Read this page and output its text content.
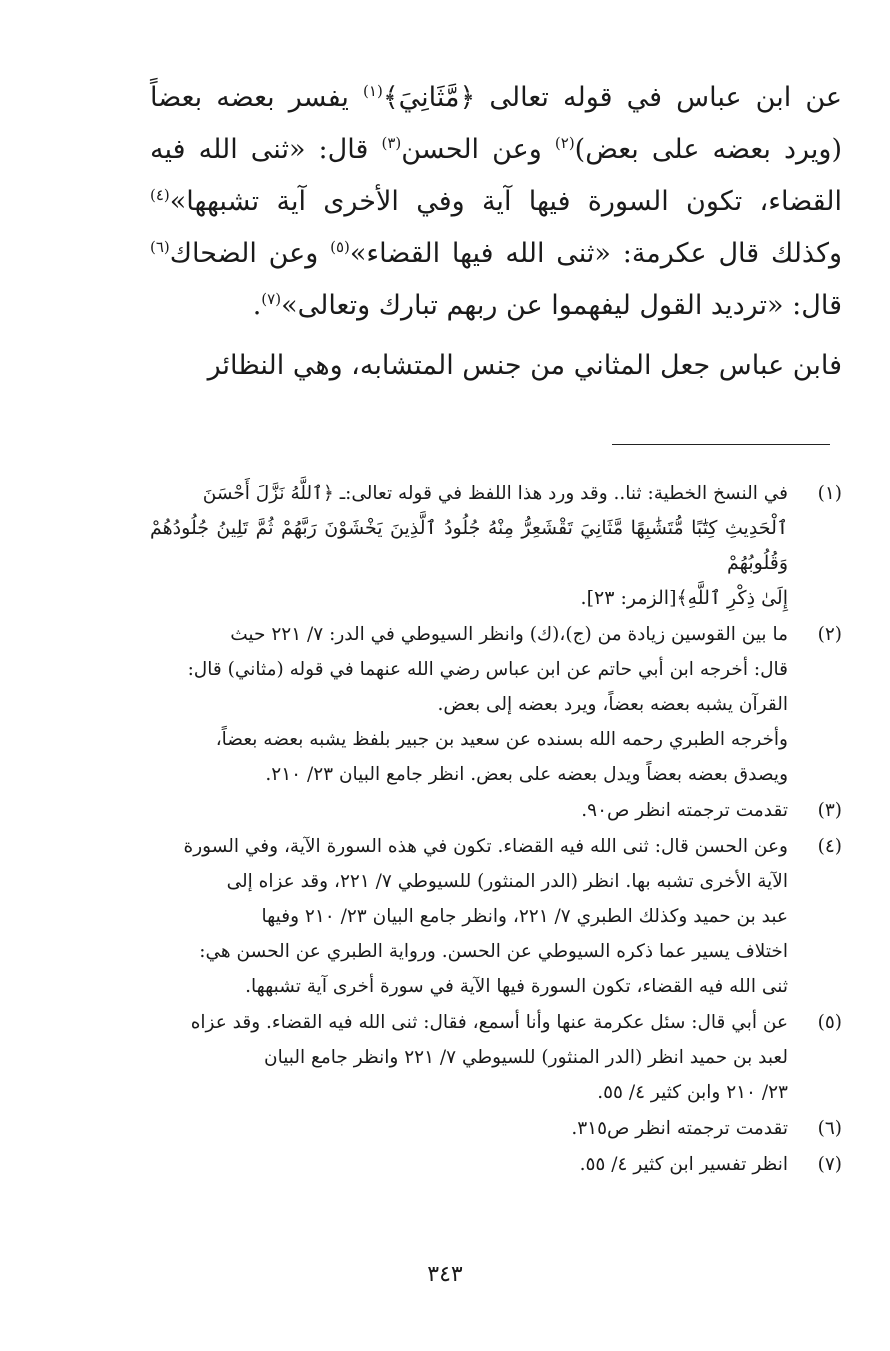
عن ابن عباس في قوله تعالى ﴿مَّثَانِيَ﴾$^{(١)}$ يفسر بعضه بعضاً (ويرد بعضه على بعض)$^{(٢)}$ وعن الحسن$^{(٣)}$ قال: «ثنى الله فيه القضاء، تكون السورة فيها آية وفي الأخرى آية تشبهها»$^{(٤)}$ وكذلك قال عكرمة: «ثنى الله فيها القضاء»$^{(٥)}$ وعن الضحاك$^{(٦)}$ قال: «ترديد القول ليفهموا عن ربهم تبارك وتعالى»$^{(٧)}$.

فابن عباس جعل المثاني من جنس المتشابه، وهي النظائر

(١)
في النسخ الخطية: ثنا.. وقد ورد هذا اللفظ في قوله تعالى:ـ ﴿ٱللَّهُ نَزَّلَ أَحْسَنَ
ٱلْحَدِيثِ كِتَٰبًا مُّتَشَٰبِهًا مَّثَانِيَ تَقْشَعِرُّ مِنْهُ جُلُودُ ٱلَّذِينَ يَخْشَوْنَ رَبَّهُمْ ثُمَّ تَلِينُ جُلُودُهُمْ وَقُلُوبُهُمْ
إِلَىٰ ذِكْرِ ٱللَّهِ﴾[الزمر: ٢٣].
(٢)
ما بين القوسين زيادة من (ج)،(ك) وانظر السيوطي في الدر: ٧/ ٢٢١ حيث
قال: أخرجه ابن أبي حاتم عن ابن عباس رضي الله عنهما في قوله (مثاني) قال:
القرآن يشبه بعضه بعضاً، ويرد بعضه إلى بعض.
وأخرجه الطبري رحمه الله بسنده عن سعيد بن جبير بلفظ يشبه بعضه بعضاً،
ويصدق بعضه بعضاً ويدل بعضه على بعض. انظر جامع البيان ٢٣/ ٢١٠.
(٣)
تقدمت ترجمته انظر ص٩٠.
(٤)
وعن الحسن قال: ثنى الله فيه القضاء. تكون في هذه السورة الآية، وفي السورة
الآية الأخرى تشبه بها. انظر (الدر المنثور) للسيوطي ٧/ ٢٢١، وقد عزاه إلى
عبد بن حميد وكذلك الطبري ٧/ ٢٢١، وانظر جامع البيان ٢٣/ ٢١٠ وفيها
اختلاف يسير عما ذكره السيوطي عن الحسن. ورواية الطبري عن الحسن هي:
ثنى الله فيه القضاء، تكون السورة فيها الآية في سورة أخرى آية تشبهها.
(٥)
عن أبي قال: سئل عكرمة عنها وأنا أسمع، فقال: ثنى الله فيه القضاء. وقد عزاه
لعبد بن حميد انظر (الدر المنثور) للسيوطي ٧/ ٢٢١ وانظر جامع البيان
٢٣/ ٢١٠ وابن كثير ٤/ ٥٥.
(٦)
تقدمت ترجمته انظر ص٣١٥.
(٧)
انظر تفسير ابن كثير ٤/ ٥٥.
٣٤٣
